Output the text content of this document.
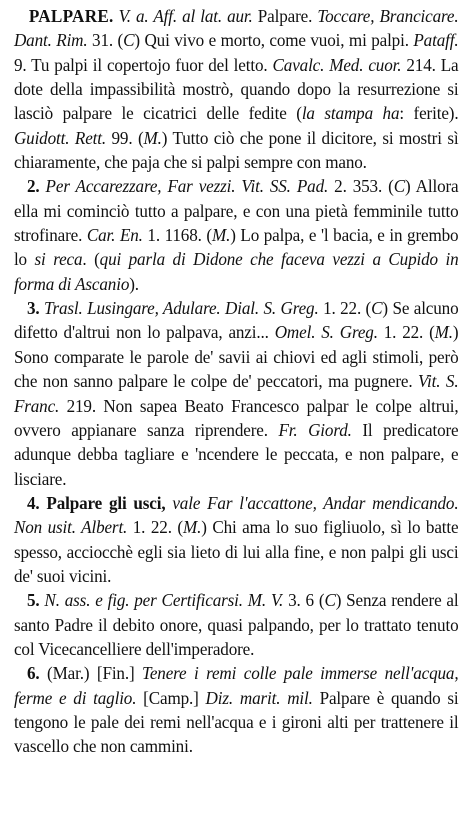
PALPARE. V. a. Aff. al lat. aur. Palpare. Toccare, Brancicare. Dant. Rim. 31. (C) Qui vivo e morto, come vuoi, mi palpi. Pataff. 9. Tu palpi il copertojo fuor del letto. Cavalc. Med. cuor. 214. La dote della impassibilità mostrò, quando dopo la resurrezione si lasciò palpare le cicatrici delle fedite (la stampa ha: ferite). Guidott. Rett. 99. (M.) Tutto ciò che pone il dicitore, si mostri sì chiaramente, che paja che si palpi sempre con mano.

2. Per Accarezzare, Far vezzi. Vit. SS. Pad. 2. 353. (C) Allora ella mi cominciò tutto a palpare, e con una pietà femminile tutto strofinare. Car. En. 1. 1168. (M.) Lo palpa, e 'l bacia, e in grembo lo si reca. (qui parla di Didone che faceva vezzi a Cupido in forma di Ascanio).

3. Trasl. Lusingare, Adulare. Dial. S. Greg. 1. 22. (C) Se alcuno difetto d'altrui non lo palpava, anzi... Omel. S. Greg. 1. 22. (M.) Sono comparate le parole de' savii ai chiovi ed agli stimoli, però che non sanno palpare le colpe de' peccatori, ma pugnere. Vit. S. Franc. 219. Non sapea Beato Francesco palpar le colpe altrui, ovvero appianare sanza riprendere. Fr. Giord. Il predicatore adunque debba tagliare e 'ncendere le peccata, e non palpare, e lisciare.

4. Palpare gli usci, vale Far l'accattone, Andar mendicando. Non usit. Albert. 1. 22. (M.) Chi ama lo suo figliuolo, sì lo batte spesso, acciocchè egli sia lieto di lui alla fine, e non palpi gli usci de' suoi vicini.

5. N. ass. e fig. per Certificarsi. M. V. 3. 6 (C) Senza rendere al santo Padre il debito onore, quasi palpando, per lo trattato tenuto col Vicecancelliere dell'imperadore.

6. (Mar.) [Fin.] Tenere i remi colle pale immerse nell'acqua, ferme e di taglio. [Camp.] Diz. marit. mil. Palpare è quando si tengono le pale dei remi nell'acqua e i gironi alti per trattenere il vascello che non cammini.
